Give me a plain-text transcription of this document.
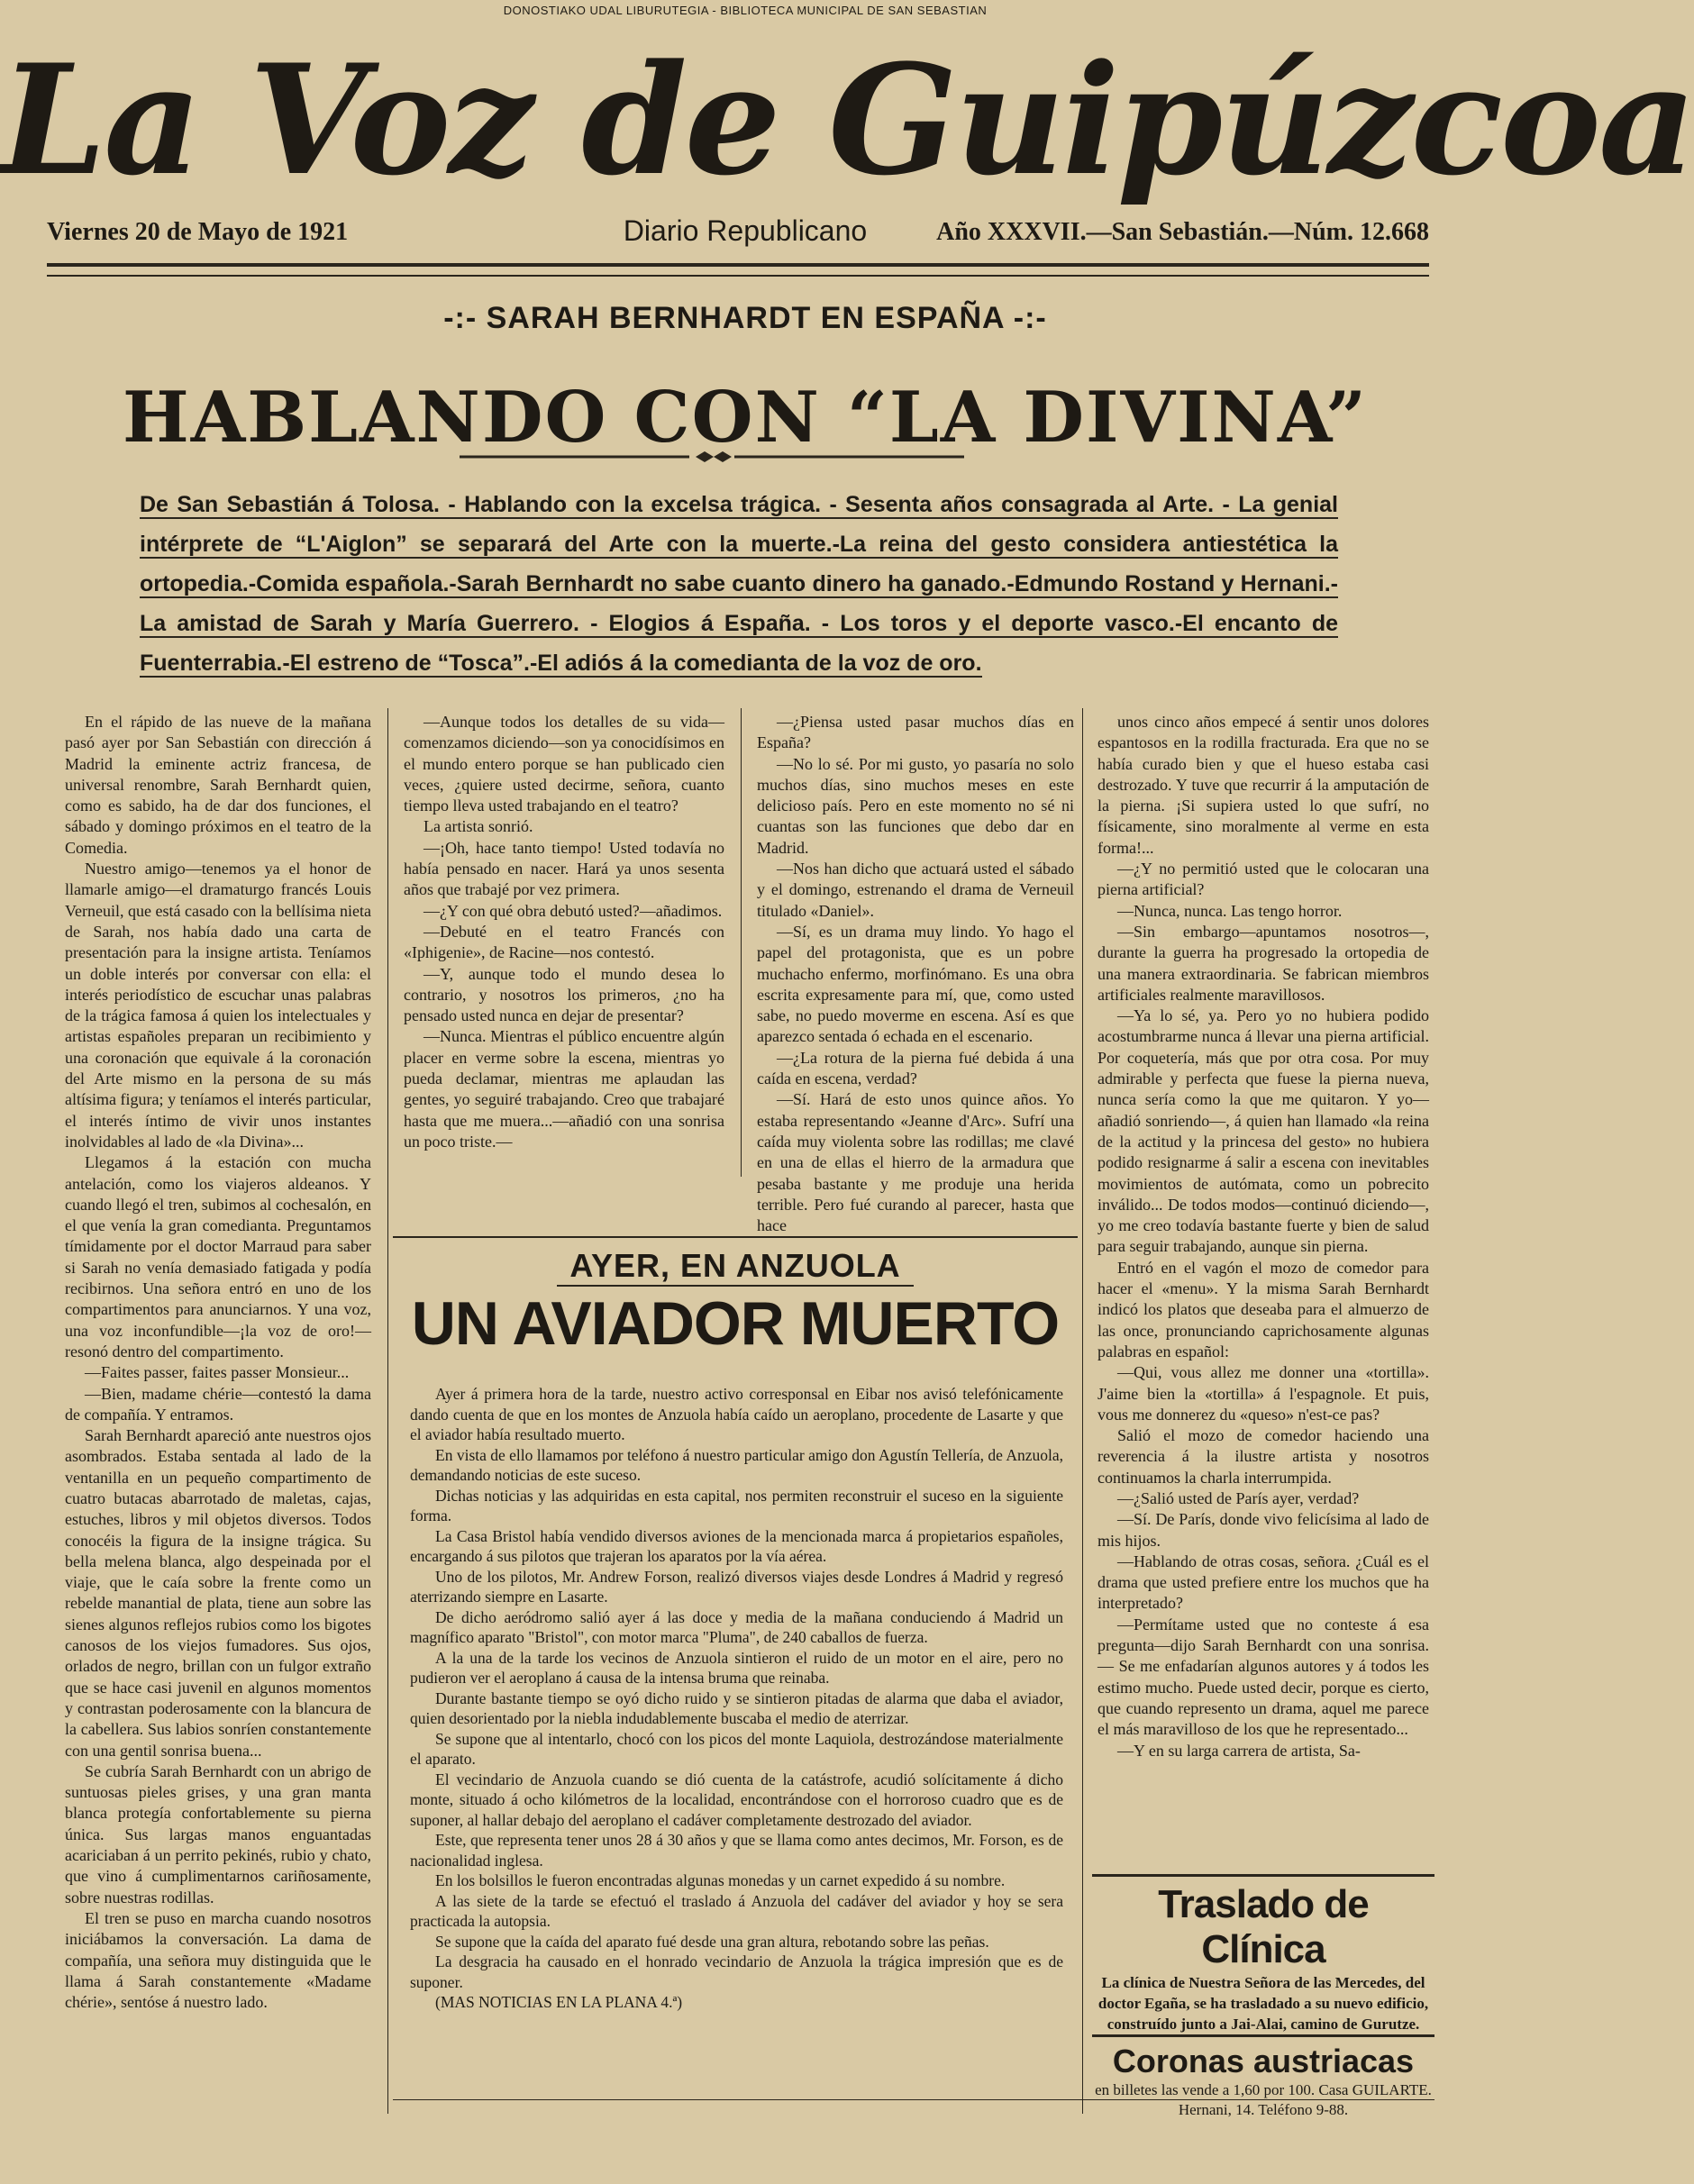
DONOSTIAKO UDAL LIBURUTEGIA - BIBLIOTECA MUNICIPAL DE SAN SEBASTIAN
La Voz de Guipúzcoa
Viernes 20 de Mayo de 1921	Diario Republicano	Año XXXVII.—San Sebastián.—Núm. 12.668
-:- SARAH BERNHARDT EN ESPAÑA -:-
HABLANDO CON “LA DIVINA”
De San Sebastián á Tolosa. - Hablando con la excelsa trágica. - Sesenta años consagrada al Arte. - La genial intérprete de “L'Aiglon” se separará del Arte con la muerte.-La reina del gesto considera antiestética la ortopedia.-Comida española.-Sarah Bernhardt no sabe cuanto dinero ha ganado.-Edmundo Rostand y Hernani.-La amistad de Sarah y María Guerrero. - Elogios á España. - Los toros y el deporte vasco.-El encanto de Fuenterrabia.-El estreno de “Tosca”.-El adiós á la comedianta de la voz de oro.

En el rápido de las nueve de la mañana pasó ayer por San Sebastián con dirección á Madrid la eminente actriz francesa, de universal renombre, Sarah Bernhardt quien, como es sabido, ha de dar dos funciones, el sábado y domingo próximos en el teatro de la Comedia.

Nuestro amigo—tenemos ya el honor de llamarle amigo—el dramaturgo francés Louis Verneuil, que está casado con la bellísima nieta de Sarah, nos había dado una carta de presentación para la insigne artista. Teníamos un doble interés por conversar con ella: el interés periodístico de escuchar unas palabras de la trágica famosa á quien los intelectuales y artistas españoles preparan un recibimiento y una coronación que equivale á la coronación del Arte mismo en la persona de su más altísima figura; y teníamos el interés particular, el interés íntimo de vivir unos instantes inolvidables al lado de «la Divina»...

Llegamos á la estación con mucha antelación, como los viajeros aldeanos. Y cuando llegó el tren, subimos al cochesalón, en el que venía la gran comedianta. Preguntamos tímidamente por el doctor Marraud para saber si Sarah no venía demasiado fatigada y podía recibirnos. Una señora entró en uno de los compartimentos para anunciarnos. Y una voz, una voz inconfundible—¡la voz de oro!—resonó dentro del compartimento.

—Faites passer, faites passer Monsieur...

—Bien, madame chérie—contestó la dama de compañía. Y entramos.

Sarah Bernhardt apareció ante nuestros ojos asombrados. Estaba sentada al lado de la ventanilla en un pequeño compartimento de cuatro butacas abarrotado de maletas, cajas, estuches, libros y mil objetos diversos. Todos conocéis la figura de la insigne trágica. Su bella melena blanca, algo despeinada por el viaje, que le caía sobre la frente como un rebelde manantial de plata, tiene aun sobre las sienes algunos reflejos rubios como los bigotes canosos de los viejos fumadores. Sus ojos, orlados de negro, brillan con un fulgor extraño que se hace casi juvenil en algunos momentos y contrastan poderosamente con la blancura de la cabellera. Sus labios sonríen constantemente con una gentil sonrisa buena...

Se cubría Sarah Bernhardt con un abrigo de suntuosas pieles grises, y una gran manta blanca protegía confortablemente su pierna única. Sus largas manos enguantadas acariciaban á un perrito pekinés, rubio y chato, que vino á cumplimentarnos cariñosamente, sobre nuestras rodillas.

El tren se puso en marcha cuando nosotros iniciábamos la conversación. La dama de compañía, una señora muy distinguida que le llama á Sarah constantemente «Madame chérie», sentóse á nuestro lado.

—Aunque todos los detalles de su vida—comenzamos diciendo—son ya conocidísimos en el mundo entero porque se han publicado cien veces, ¿quiere usted decirme, señora, cuanto tiempo lleva usted trabajando en el teatro?

La artista sonrió.

—¡Oh, hace tanto tiempo! Usted todavía no había pensado en nacer. Hará ya unos sesenta años que trabajé por vez primera.

—¿Y con qué obra debutó usted?—añadimos.

—Debuté en el teatro Francés con «Iphigenie», de Racine—nos contestó.

—Y, aunque todo el mundo desea lo contrario, y nosotros los primeros, ¿no ha pensado usted nunca en dejar de presentar?

—Nunca. Mientras el público encuentre algún placer en verme sobre la escena, mientras yo pueda declamar, mientras me aplaudan las gentes, yo seguiré trabajando. Creo que trabajaré hasta que me muera...—añadió con una sonrisa un poco triste.—

—¿Piensa usted pasar muchos días en España?

—No lo sé. Por mi gusto, yo pasaría no solo muchos días, sino muchos meses en este delicioso país. Pero en este momento no sé ni cuantas son las funciones que debo dar en Madrid.

—Nos han dicho que actuará usted el sábado y el domingo, estrenando el drama de Verneuil titulado «Daniel».

—Sí, es un drama muy lindo. Yo hago el papel del protagonista, que es un pobre muchacho enfermo, morfinómano. Es una obra escrita expresamente para mí, que, como usted sabe, no puedo moverme en escena. Así es que aparezco sentada ó echada en el escenario.

—¿La rotura de la pierna fué debida á una caída en escena, verdad?

—Sí. Hará de esto unos quince años. Yo estaba representando «Jeanne d'Arc». Sufrí una caída muy violenta sobre las rodillas; me clavé en una de ellas el hierro de la armadura que pesaba bastante y me produje una herida terrible. Pero fué curando al parecer, hasta que hace

unos cinco años empecé á sentir unos dolores espantosos en la rodilla fracturada. Era que no se había curado bien y que el hueso estaba casi destrozado. Y tuve que recurrir á la amputación de la pierna. ¡Si supiera usted lo que sufrí, no físicamente, sino moralmente al verme en esta forma!...

—¿Y no permitió usted que le colocaran una pierna artificial?

—Nunca, nunca. Las tengo horror.

—Sin embargo—apuntamos nosotros—, durante la guerra ha progresado la ortopedia de una manera extraordinaria. Se fabrican miembros artificiales realmente maravillosos.

—Ya lo sé, ya. Pero yo no hubiera podido acostumbrarme nunca á llevar una pierna artificial. Por coquetería, más que por otra cosa. Por muy admirable y perfecta que fuese la pierna nueva, nunca sería como la que me quitaron. Y yo—añadió sonriendo—, á quien han llamado «la reina de la actitud y la princesa del gesto» no hubiera podido resignarme á salir a escena con inevitables movimientos de autómata, como un pobrecito inválido... De todos modos—continuó diciendo—, yo me creo todavía bastante fuerte y bien de salud para seguir trabajando, aunque sin pierna.

Entró en el vagón el mozo de comedor para hacer el «menu». Y la misma Sarah Bernhardt indicó los platos que deseaba para el almuerzo de las once, pronunciando caprichosamente algunas palabras en español:

—Qui, vous allez me donner una «tortilla». J'aime bien la «tortilla» á l'espagnole. Et puis, vous me donnerez du «queso» n'est-ce pas?

Salió el mozo de comedor haciendo una reverencia á la ilustre artista y nosotros continuamos la charla interrumpida.

—¿Salió usted de París ayer, verdad?

—Sí. De París, donde vivo felicísima al lado de mis hijos.

—Hablando de otras cosas, señora. ¿Cuál es el drama que usted prefiere entre los muchos que ha interpretado?

—Permítame usted que no conteste á esa pregunta—dijo Sarah Bernhardt con una sonrisa.— Se me enfadarían algunos autores y á todos les estimo mucho. Puede usted decir, porque es cierto, que cuando represento un drama, aquel me parece el más maravilloso de los que he representado...

—Y en su larga carrera de artista, Sa-

AYER, EN ANZUOLA
UN AVIADOR MUERTO

Ayer á primera hora de la tarde, nuestro activo corresponsal en Eibar nos avisó telefónicamente dando cuenta de que en los montes de Anzuola había caído un aeroplano, procedente de Lasarte y que el aviador había resultado muerto.

En vista de ello llamamos por teléfono á nuestro particular amigo don Agustín Tellería, de Anzuola, demandando noticias de este suceso.

Dichas noticias y las adquiridas en esta capital, nos permiten reconstruir el suceso en la siguiente forma.

La Casa Bristol había vendido diversos aviones de la mencionada marca á propietarios españoles, encargando á sus pilotos que trajeran los aparatos por la vía aérea.

Uno de los pilotos, Mr. Andrew Forson, realizó diversos viajes desde Londres á Madrid y regresó aterrizando siempre en Lasarte.

De dicho aeródromo salió ayer á las doce y media de la mañana conduciendo á Madrid un magnífico aparato "Bristol", con motor marca "Pluma", de 240 caballos de fuerza.

A la una de la tarde los vecinos de Anzuola sintieron el ruido de un motor en el aire, pero no pudieron ver el aeroplano á causa de la intensa bruma que reinaba.

Durante bastante tiempo se oyó dicho ruido y se sintieron pitadas de alarma que daba el aviador, quien desorientado por la niebla indudablemente buscaba el medio de aterrizar.

Se supone que al intentarlo, chocó con los picos del monte Laquiola, destrozándose materialmente el aparato.

El vecindario de Anzuola cuando se dió cuenta de la catástrofe, acudió solícitamente á dicho monte, situado á ocho kilómetros de la localidad, encontrándose con el horroroso cuadro que es de suponer, al hallar debajo del aeroplano el cadáver completamente destrozado del aviador.

Este, que representa tener unos 28 á 30 años y que se llama como antes decimos, Mr. Forson, es de nacionalidad inglesa.

En los bolsillos le fueron encontradas algunas monedas y un carnet expedido á su nombre.

A las siete de la tarde se efectuó el traslado á Anzuola del cadáver del aviador y hoy se sera practicada la autopsia.

Se supone que la caída del aparato fué desde una gran altura, rebotando sobre las peñas.

La desgracia ha causado en el honrado vecindario de Anzuola la trágica impresión que es de suponer.

(MAS NOTICIAS EN LA PLANA 4.ª)

Traslado de Clínica
La clínica de Nuestra Señora de las Mercedes, del doctor Egaña, se ha trasladado a su nuevo edificio, construído junto a Jai-Alai, camino de Gurutze.
Coronas austriacas
en billetes las vende a 1,60 por 100. Casa GUILARTE. Hernani, 14. Teléfono 9-88.
